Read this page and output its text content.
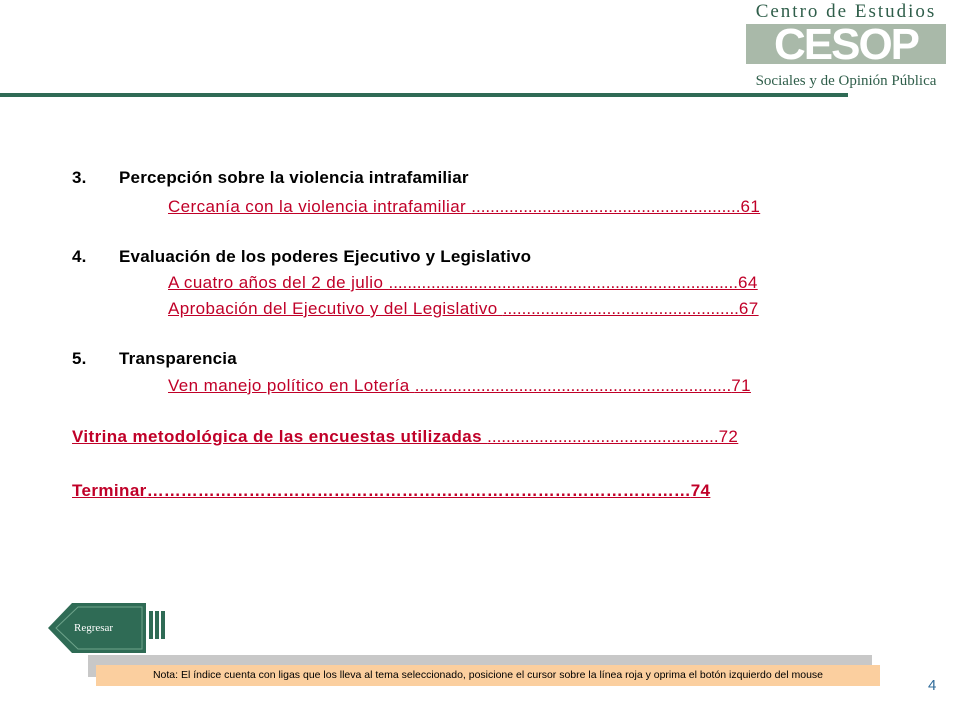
Centro de Estudios
CESOP
Sociales y de Opinión Pública
3. Percepción sobre la violencia intrafamiliar
Cercanía con la violencia intrafamiliar .........................................................61
4. Evaluación de los poderes Ejecutivo y Legislativo
A cuatro años del 2 de julio ..........................................................................64
Aprobación del Ejecutivo y del Legislativo ..................................................67
5. Transparencia
Ven manejo político en Lotería ...................................................................71
Vitrina metodológica de las encuestas utilizadas .................................................72
Terminar……………………………………………………………………………………74
Regresar
Nota: El índice cuenta con ligas que los lleva al tema seleccionado, posicione el cursor sobre la línea roja y oprima el botón izquierdo del mouse
4
